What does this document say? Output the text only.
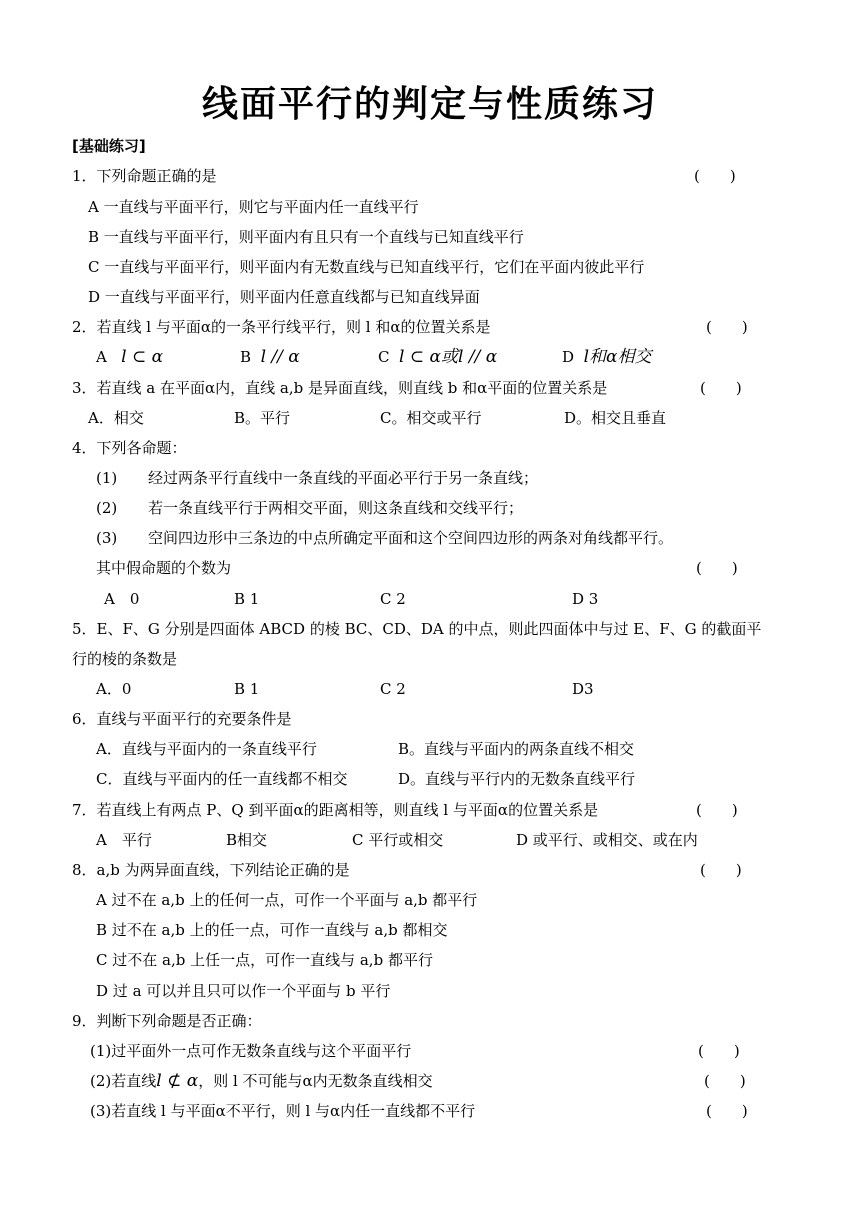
线面平行的判定与性质练习
[基础练习]
1．下列命题正确的是	(　　)
A 一直线与平面平行，则它与平面内任一直线平行
B 一直线与平面平行，则平面内有且只有一个直线与已知直线平行
C 一直线与平面平行，则平面内有无数直线与已知直线平行，它们在平面内彼此平行
D 一直线与平面平行，则平面内任意直线都与已知直线异面
2．若直线 l 与平面α的一条平行线平行，则 l 和α的位置关系是	(　　)
A l ⊂ α	B l // α	C l ⊂ α或l // α	D l和α相交
3．若直线 a 在平面α内，直线 a,b 是异面直线，则直线 b 和α平面的位置关系是	(　　)
A．相交	B。平行	C。相交或平行	D。相交且垂直
4．下列各命题：
(1) 经过两条平行直线中一条直线的平面必平行于另一条直线；
(2) 若一条直线平行于两相交平面，则这条直线和交线平行；
(3) 空间四边形中三条边的中点所确定平面和这个空间四边形的两条对角线都平行。
其中假命题的个数为	(　　)
A　0	B 1	C 2	D 3
5．E、F、G 分别是四面体 ABCD 的棱 BC、CD、DA 的中点，则此四面体中与过 E、F、G 的截面平
行的棱的条数是
A．0	B 1	C 2	D3
6．直线与平面平行的充要条件是
A．直线与平面内的一条直线平行	B。直线与平面内的两条直线不相交
C．直线与平面内的任一直线都不相交	D。直线与平行内的无数条直线平行
7．若直线上有两点 P、Q 到平面α的距离相等，则直线 l 与平面α的位置关系是	(　　)
A　平行	B相交	C 平行或相交	D 或平行、或相交、或在内
8．a,b 为两异面直线，下列结论正确的是	(　　)
A 过不在 a,b 上的任何一点，可作一个平面与 a,b 都平行
B 过不在 a,b 上的任一点，可作一直线与 a,b 都相交
C 过不在 a,b 上任一点，可作一直线与 a,b 都平行
D 过 a 可以并且只可以作一个平面与 b 平行
9．判断下列命题是否正确：
(1)过平面外一点可作无数条直线与这个平面平行	(　　)
(2)若直线l ⊄ α，则 l 不可能与α内无数条直线相交	(　　)
(3)若直线 l 与平面α不平行，则 l 与α内任一直线都不平行	(　　)
